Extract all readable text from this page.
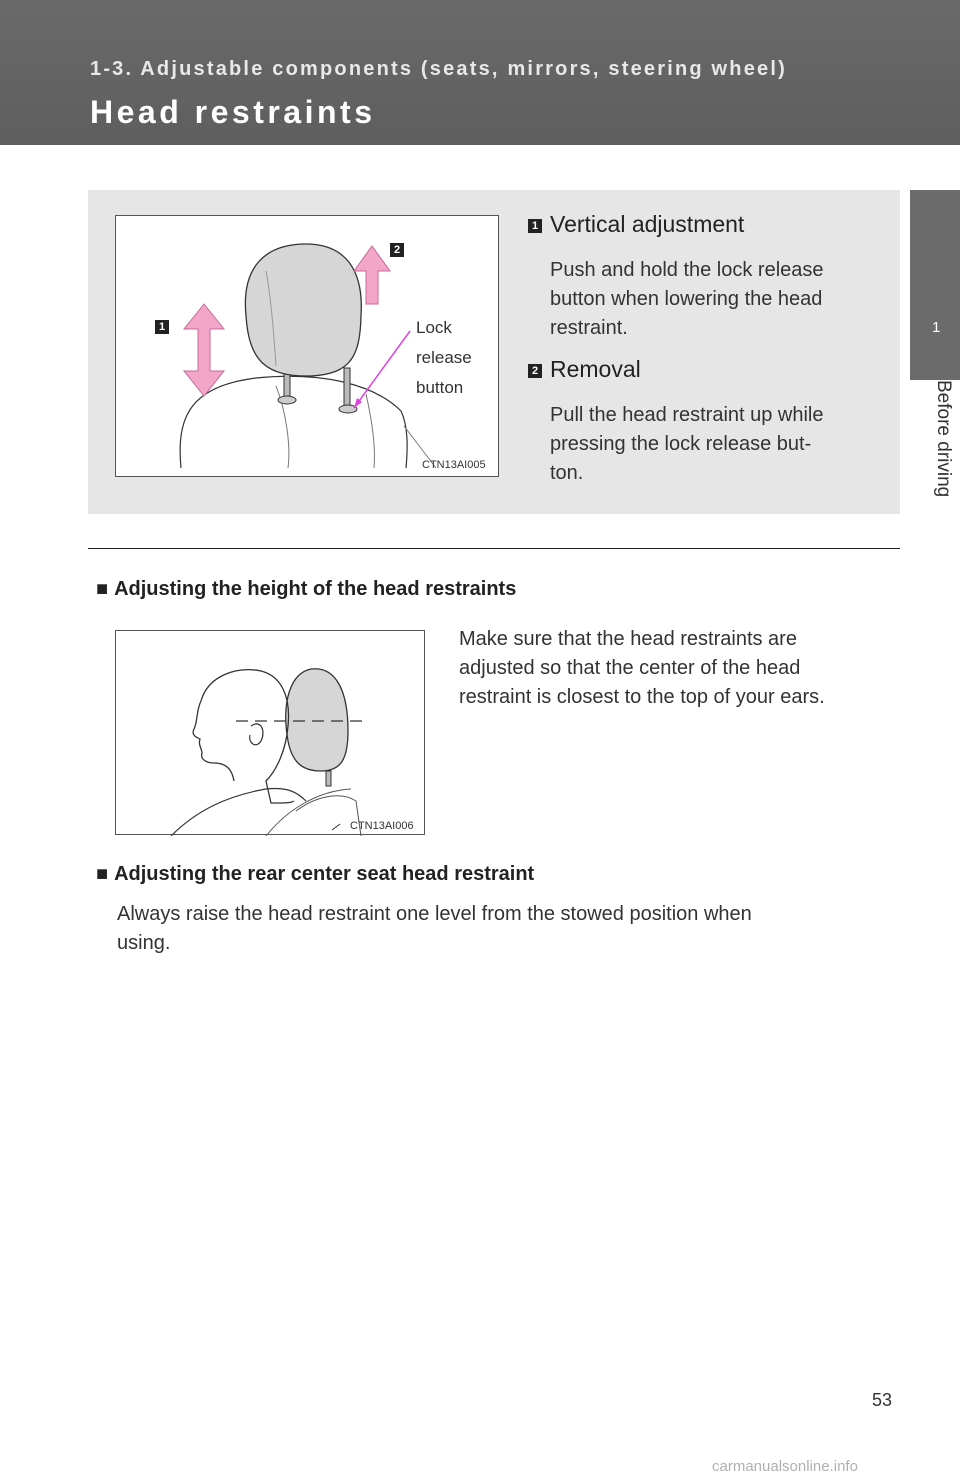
1-3. Adjustable components (seats, mirrors, steering wheel)
Head restraints
1
Before driving
1
2
Lock
release
button
CTN13AI005
1 Vertical adjustment
Push and hold the lock release
button when lowering the head
restraint.
2 Removal
Pull the head restraint up while
pressing the lock release but-
ton.
■ Adjusting the height of the head restraints
CTN13AI006
Make sure that the head restraints are
adjusted so that the center of the head
restraint is closest to the top of your ears.
■ Adjusting the rear center seat head restraint
Always raise the head restraint one level from the stowed position when
using.
53
carmanualsonline.info
